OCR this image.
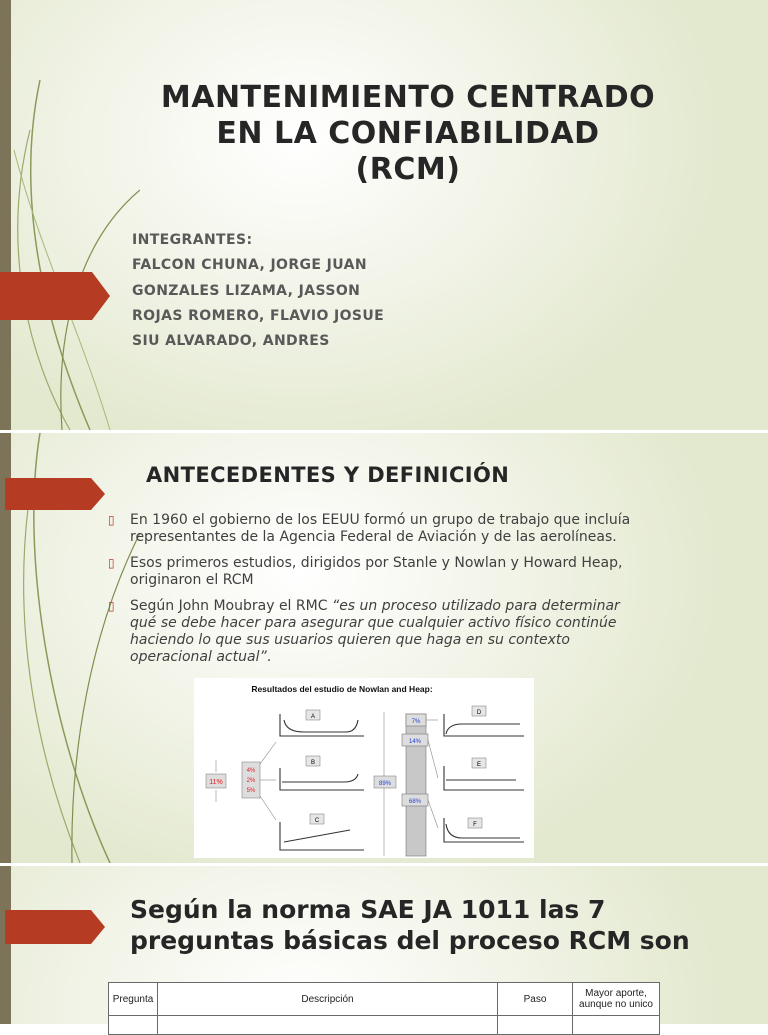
MANTENIMIENTO CENTRADO
EN LA CONFIABILIDAD
(RCM)
INTEGRANTES:
FALCON CHUNA, JORGE JUAN
GONZALES LIZAMA, JASSON
ROJAS ROMERO, FLAVIO JOSUE
SIU ALVARADO, ANDRES
ANTECEDENTES Y DEFINICIÓN
▯ En 1960 el gobierno de los EEUU formó un grupo de trabajo que incluía representantes de la Agencia Federal de Aviación y de las aerolíneas.
▯ Esos primeros estudios, dirigidos por Stanle y Nowlan y Howard Heap, originaron el RCM
▯ Según John Moubray el RMC “es un proceso utilizado para determinar qué se debe hacer para asegurar que cualquier activo físico continúe haciendo lo que sus usuarios quieren que haga en su contexto operacional actual”.
Resultados del estudio de Nowlan and Heap:
11%
4%
2%
5%
A
B
C
89%
7%
14%
68%
D
E
F
Según la norma SAE JA 1011 las 7
preguntas básicas del proceso RCM son
Pregunta	Descripción	Paso	Mayor aporte,
aunque no unico
